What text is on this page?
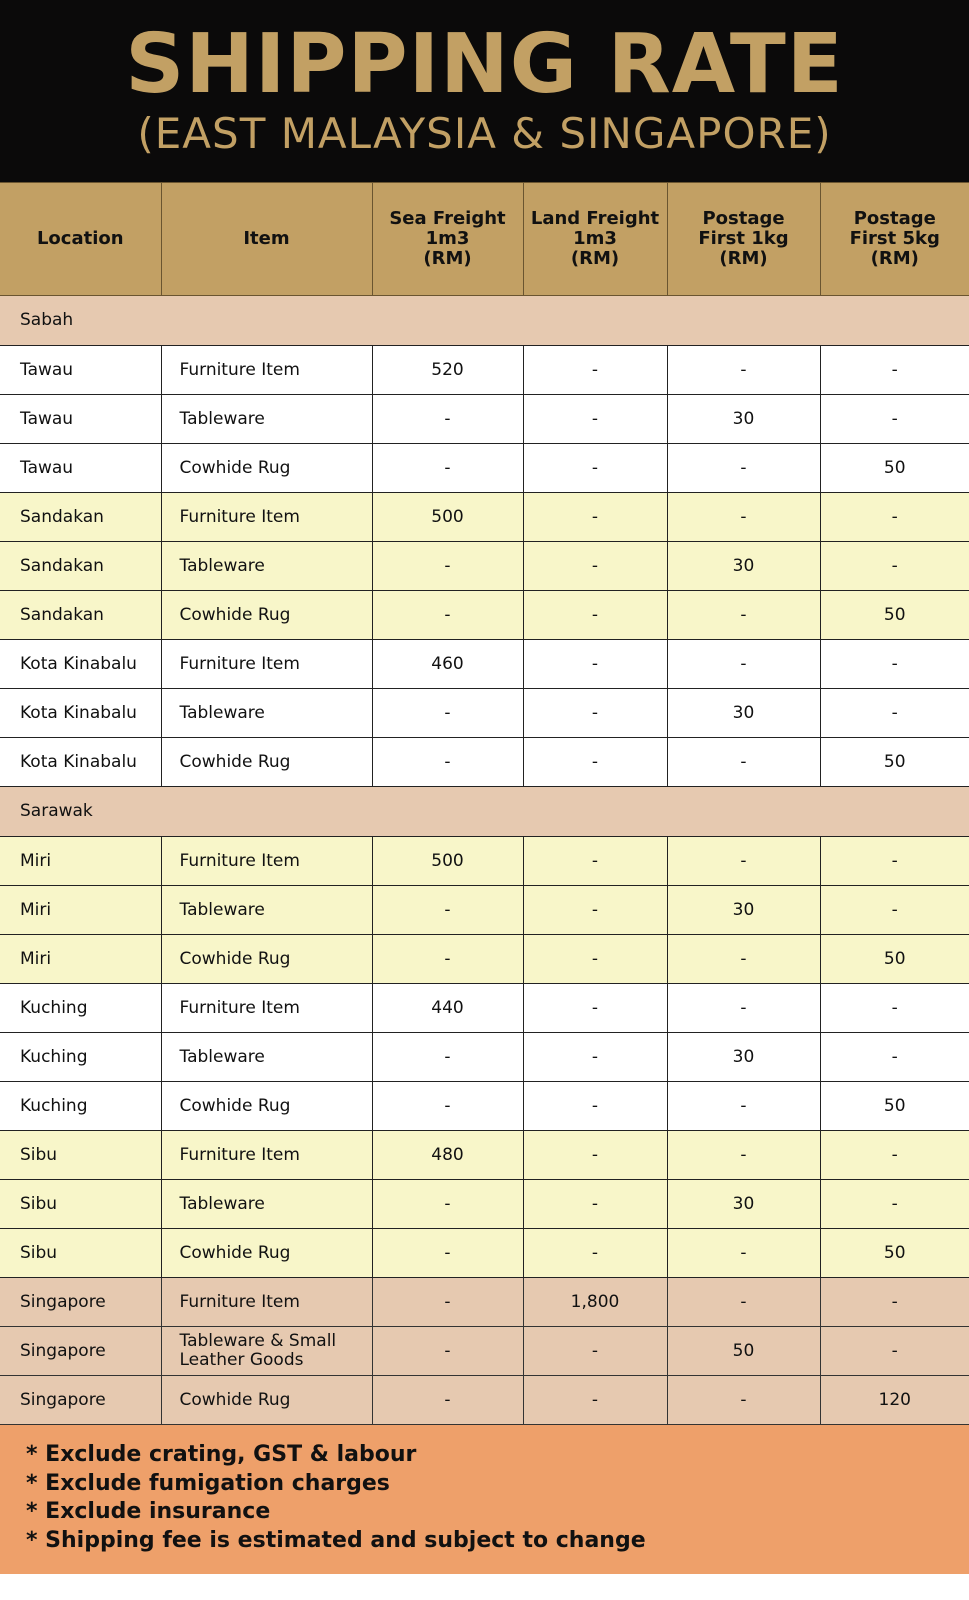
SHIPPING RATE

(EAST MALAYSIA & SINGAPORE)

Location	Item	Sea Freight
1m3
(RM)	Land Freight
1m3
(RM)	Postage
First 1kg
(RM)	Postage
First 5kg
(RM)
Sabah					
Tawau	Furniture Item	520	-	-	-
Tawau	Tableware	-	-	30	-
Tawau	Cowhide Rug	-	-	-	50
Sandakan	Furniture Item	500	-	-	-
Sandakan	Tableware	-	-	30	-
Sandakan	Cowhide Rug	-	-	-	50
Kota Kinabalu	Furniture Item	460	-	-	-
Kota Kinabalu	Tableware	-	-	30	-
Kota Kinabalu	Cowhide Rug	-	-	-	50
Sarawak					
Miri	Furniture Item	500	-	-	-
Miri	Tableware	-	-	30	-
Miri	Cowhide Rug	-	-	-	50
Kuching	Furniture Item	440	-	-	-
Kuching	Tableware	-	-	30	-
Kuching	Cowhide Rug	-	-	-	50
Sibu	Furniture Item	480	-	-	-
Sibu	Tableware	-	-	30	-
Sibu	Cowhide Rug	-	-	-	50
Singapore	Furniture Item	-	1,800	-	-
Singapore	Tableware & Small Leather Goods	-	-	50	-
Singapore	Cowhide Rug	-	-	-	120

* Exclude crating, GST & labour

* Exclude fumigation charges

* Exclude insurance

* Shipping fee is estimated and subject to change
